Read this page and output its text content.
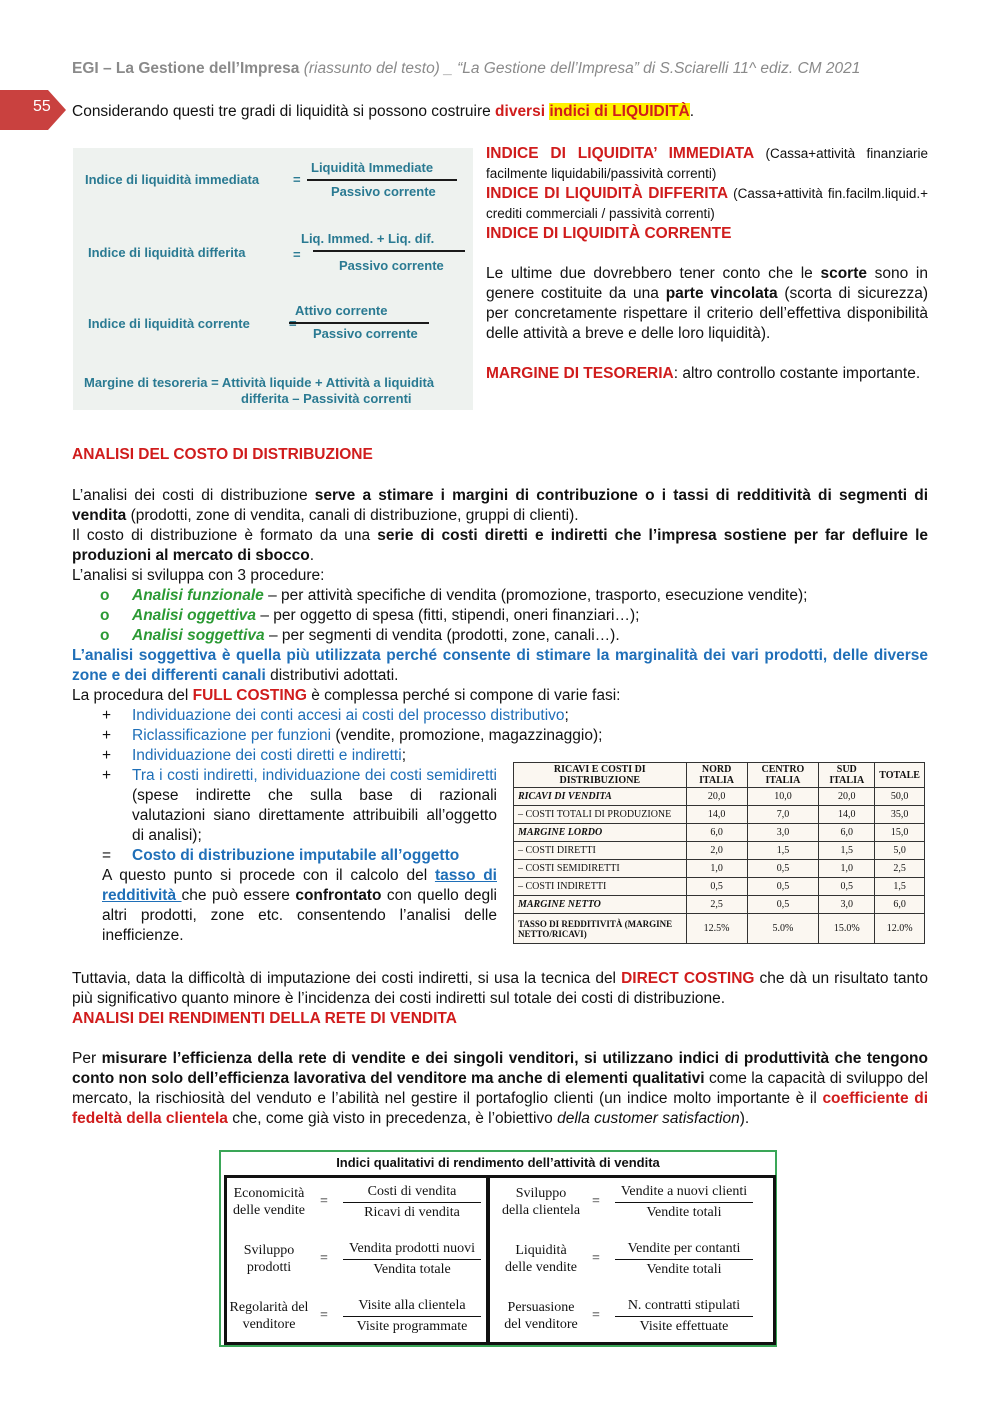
EGI – La Gestione dell’Impresa (riassunto del testo) _ “La Gestione dell’Impresa” di S.Sciarelli 11^ ediz. CM 2021
55 Considerando questi tre gradi di liquidità si possono costruire diversi indici di LIQUIDITÀ.
Indice di liquidità immediata	=
Liquidità Immediate
Passivo corrente
Indice di liquidità differita	=
Liq. Immed. + Liq. dif.
Passivo corrente
Indice di liquidità corrente
Attivo corrente
Passivo corrente
Margine di tesoreria = Attività liquide + Attività a liquidità
differita – Passività correnti
INDICE DI LIQUIDITA’ IMMEDIATA (Cassa+attività finanziarie facilmente liquidabili/passività correnti)
INDICE DI LIQUIDITÀ DIFFERITA (Cassa+attività fin.facilm.liquid.+ crediti commerciali / passività correnti)
INDICE DI LIQUIDITÀ CORRENTE
Le ultime due dovrebbero tener conto che le scorte sono in genere costituite da una parte vincolata (scorta di sicurezza) per concretamente rispettare il criterio dell’effettiva disponibilità delle attività a breve e delle loro liquidità).
MARGINE DI TESORERIA: altro controllo costante importante.
ANALISI DEL COSTO DI DISTRIBUZIONE
L’analisi dei costi di distribuzione serve a stimare i margini di contribuzione o i tassi di redditività di segmenti di vendita (prodotti, zone di vendita, canali di distribuzione, gruppi di clienti).
Il costo di distribuzione è formato da una serie di costi diretti e indiretti che l’impresa sostiene per far defluire le produzioni al mercato di sbocco.
L’analisi si sviluppa con 3 procedure:
o	Analisi funzionale – per attività specifiche di vendita (promozione, trasporto, esecuzione vendite);
o	Analisi oggettiva – per oggetto di spesa (fitti, stipendi, oneri finanziari…);
o	Analisi soggettiva – per segmenti di vendita (prodotti, zone, canali…).
L’analisi soggettiva è quella più utilizzata perché consente di stimare la marginalità dei vari prodotti, delle diverse zone e dei differenti canali distributivi adottati.
La procedura del FULL COSTING è complessa perché si compone di varie fasi:
+	Individuazione dei conti accesi ai costi del processo distributivo;
+	Riclassificazione per funzioni (vendite, promozione, magazzinaggio);
+	Individuazione dei costi diretti e indiretti;
+	Tra i costi indiretti, individuazione dei costi semidiretti (spese indirette che sulla base di razionali valutazioni siano direttamente attribuibili all’oggetto di analisi);
=	Costo di distribuzione imputabile all’oggetto
A questo punto si procede con il calcolo del tasso di redditività che può essere confrontato con quello degli altri prodotti, zone etc. consentendo l’analisi delle inefficienze.
RICAVI E COSTI DI DISTRIBUZIONE	NORD ITALIA	CENTRO ITALIA	SUD ITALIA	TOTALE
RICAVI DI VENDITA	20,0	10,0	20,0	50,0
– COSTI TOTALI DI PRODUZIONE	14,0	7,0	14,0	35,0
MARGINE LORDO	6,0	3,0	6,0	15,0
– COSTI DIRETTI	2,0	1,5	1,5	5,0
– COSTI SEMIDIRETTI	1,0	0,5	1,0	2,5
– COSTI INDIRETTI	0,5	0,5	0,5	1,5
MARGINE NETTO	2,5	0,5	3,0	6,0
TASSO DI REDDITIVITÀ (MARGINE NETTO/RICAVI)	12.5%	5.0%	15.0%	12.0%
Tuttavia, data la difficoltà di imputazione dei costi indiretti, si usa la tecnica del DIRECT COSTING che dà un risultato tanto più significativo quanto minore è l’incidenza dei costi indiretti sul totale dei costi di distribuzione.
ANALISI DEI RENDIMENTI DELLA RETE DI VENDITA
Per misurare l’efficienza della rete di vendite e dei singoli venditori, si utilizzano indici di produttività che tengono conto non solo dell’efficienza lavorativa del venditore ma anche di elementi qualitativi come la capacità di sviluppo del mercato, la rischiosità del venduto e l’abilità nel gestire il portafoglio clienti (un indice molto importante è il coefficiente di fedeltà della clientela che, come già visto in precedenza, è l’obiettivo della customer satisfaction).
Indici qualitativi di rendimento dell’attività di vendita
Economicità delle vendite
=
Costi di vendita
Ricavi di vendita
Sviluppo prodotti
=
Vendita prodotti nuovi
Vendita totale
Regolarità del venditore
=
Visite alla clientela
Visite programmate
Sviluppo della clientela
=
Vendite a nuovi clienti
Vendite totali
Liquidità delle vendite
=
Vendite per contanti
Vendite totali
Persuasione del venditore
=
N. contratti stipulati
Visite effettuate
